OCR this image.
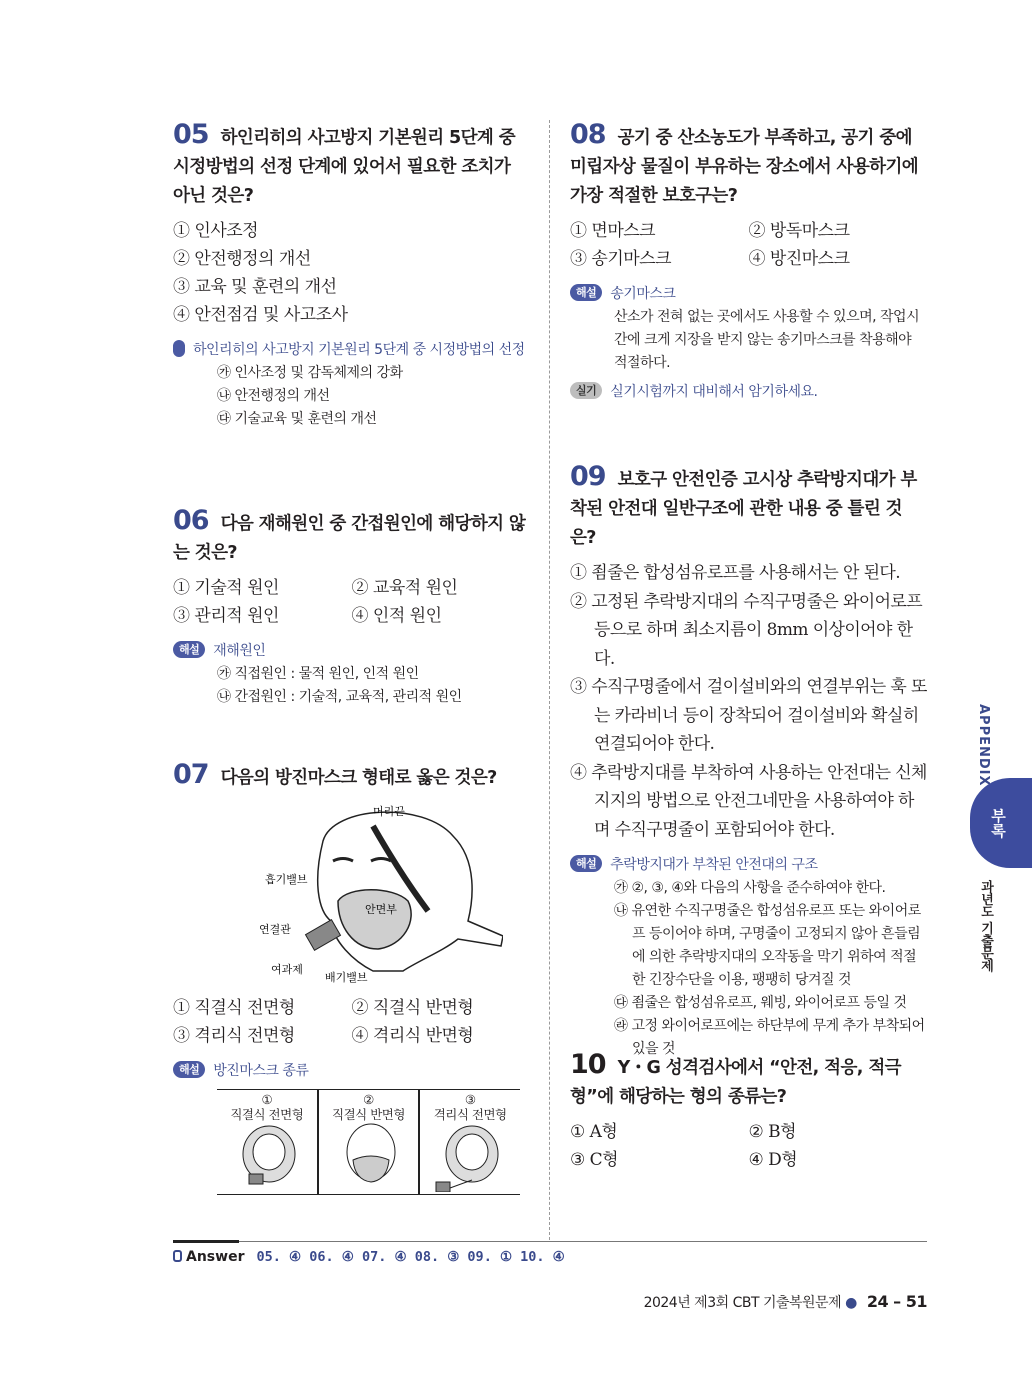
05 하인리히의 사고방지 기본원리 5단계 중 시정방법의 선정 단계에 있어서 필요한 조치가 아닌 것은?
① 인사조정
② 안전행정의 개선
③ 교육 및 훈련의 개선
④ 안전점검 및 사고조사
해설	하인리히의 사고방지 기본원리 5단계 중 시정방법의 선정
㉮ 인사조정 및 감독체제의 강화
㉯ 안전행정의 개선
㉰ 기술교육 및 훈련의 개선
06 다음 재해원인 중 간접원인에 해당하지 않는 것은?
① 기술적 원인	② 교육적 원인
③ 관리적 원인	④ 인적 원인
해설 재해원인
㉮ 직접원인 : 물적 원인, 인적 원인
㉯ 간접원인 : 기술적, 교육적, 관리적 원인
07 다음의 방진마스크 형태로 옳은 것은?
머리끈
흡기밸브
안면부
연결관
여과제
배기밸브
① 직결식 전면형	② 직결식 반면형
③ 격리식 전면형	④ 격리식 반면형
해설 방진마스크 종류
①
직결식 전면형
②
직결식 반면형
③
격리식 전면형
08 공기 중 산소농도가 부족하고, 공기 중에 미립자상 물질이 부유하는 장소에서 사용하기에 가장 적절한 보호구는?
① 면마스크	② 방독마스크
③ 송기마스크	④ 방진마스크
해설 송기마스크
산소가 전혀 없는 곳에서도 사용할 수 있으며, 작업시간에 크게 지장을 받지 않는 송기마스크를 착용해야 적절하다.
실기 실기시험까지 대비해서 암기하세요.
09 보호구 안전인증 고시상 추락방지대가 부착된 안전대 일반구조에 관한 내용 중 틀린 것은?
① 죔줄은 합성섬유로프를 사용해서는 안 된다.
② 고정된 추락방지대의 수직구명줄은 와이어로프 등으로 하며 최소지름이 8mm 이상이어야 한다.
③ 수직구명줄에서 걸이설비와의 연결부위는 훅 또는 카라비너 등이 장착되어 걸이설비와 확실히 연결되어야 한다.
④ 추락방지대를 부착하여 사용하는 안전대는 신체 지지의 방법으로 안전그네만을 사용하여야 하며 수직구명줄이 포함되어야 한다.
해설 추락방지대가 부착된 안전대의 구조
㉮ ②, ③, ④와 다음의 사항을 준수하여야 한다.
㉯ 유연한 수직구명줄은 합성섬유로프 또는 와이어로프 등이어야 하며, 구명줄이 고정되지 않아 흔들림에 의한 추락방지대의 오작동을 막기 위하여 적절한 긴장수단을 이용, 팽팽히 당겨질 것
㉰ 죔줄은 합성섬유로프, 웨빙, 와이어로프 등일 것
㉱ 고정 와이어로프에는 하단부에 무게 추가 부착되어 있을 것
10 Y・G 성격검사에서 “안전, 적응, 적극형”에 해당하는 형의 종류는?
① A형	② B형
③ C형	④ D형
Answer 05. ④ 06. ④ 07. ④ 08. ③ 09. ① 10. ④
2024년 제3회 CBT 기출복원문제 ● 24 – 51
APPENDIX
부록
과년도 기출문제
